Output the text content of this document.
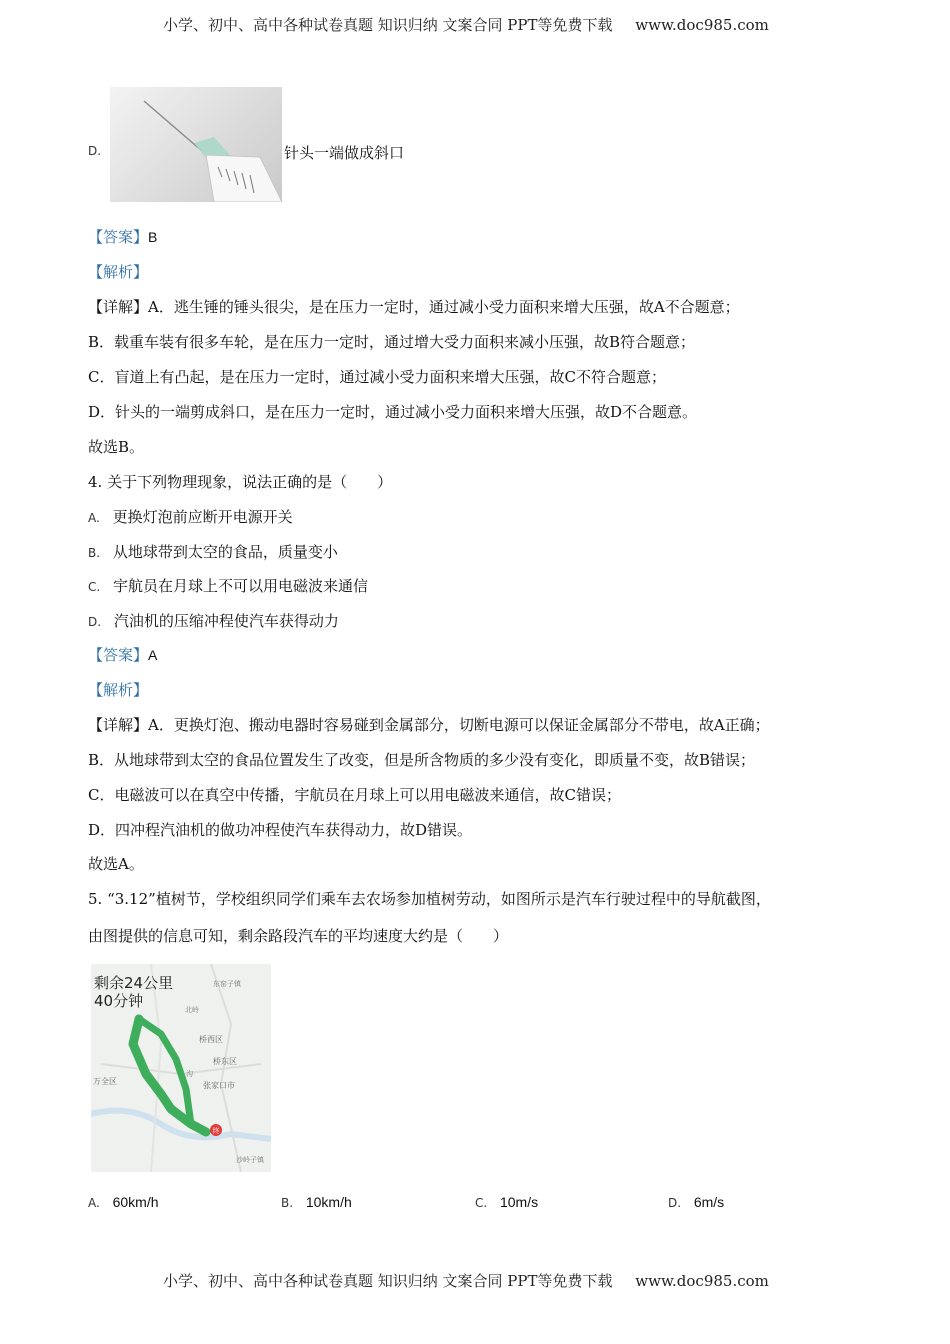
小学、初中、高中各种试卷真题 知识归纳 文案合同 PPT等免费下载 www.doc985.com
D.	针头一端做成斜口
【答案】B
【解析】
【详解】A．逃生锤的锤头很尖，是在压力一定时，通过减小受力面积来增大压强，故A不合题意；
B．载重车装有很多车轮，是在压力一定时，通过增大受力面积来减小压强，故B符合题意；
C．盲道上有凸起，是在压力一定时，通过减小受力面积来增大压强，故C不符合题意；
D．针头的一端剪成斜口，是在压力一定时，通过减小受力面积来增大压强，故D不合题意。
故选B。
4. 关于下列物理现象，说法正确的是（　　）
A. 更换灯泡前应断开电源开关
B. 从地球带到太空的食品，质量变小
C. 宇航员在月球上不可以用电磁波来通信
D. 汽油机的压缩冲程使汽车获得动力
【答案】A
【解析】
【详解】A．更换灯泡、搬动电器时容易碰到金属部分，切断电源可以保证金属部分不带电，故A正确；
B．从地球带到太空的食品位置发生了改变，但是所含物质的多少没有变化，即质量不变，故B错误；
C．电磁波可以在真空中传播，宇航员在月球上可以用电磁波来通信，故C错误；
D．四冲程汽油机的做功冲程使汽车获得动力，故D错误。
故选A。
5. “3.12”植树节，学校组织同学们乘车去农场参加植树劳动，如图所示是汽车行驶过程中的导航截图，
由图提供的信息可知，剩余路段汽车的平均速度大约是（　　）
终
剩余24公里
40分钟
东窑子镇
北岭
桥西区
桥东区
万全区	张家口市
沙岭子镇
沟
A. 60km/h	B. 10km/h	C. 10m/s	D. 6m/s
小学、初中、高中各种试卷真题 知识归纳 文案合同 PPT等免费下载 www.doc985.com
